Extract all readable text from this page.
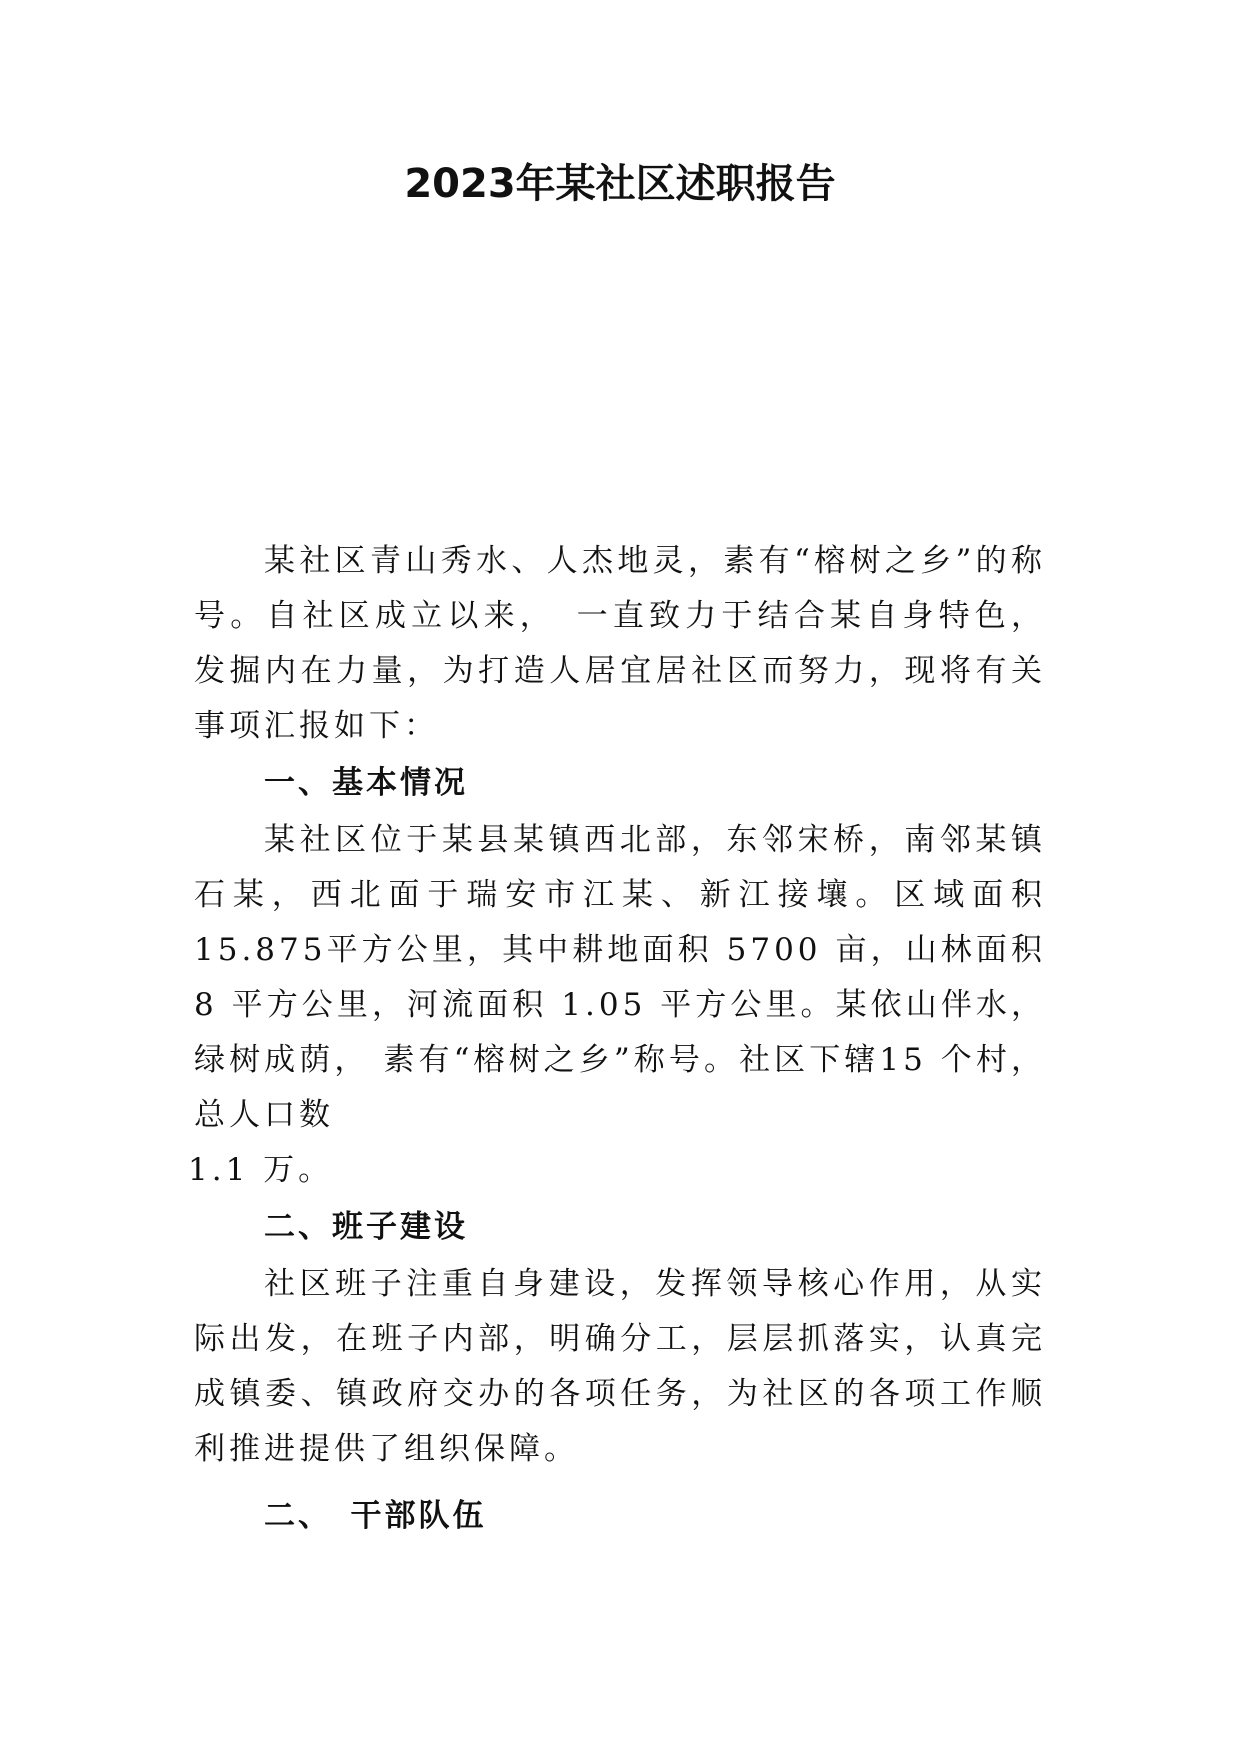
2023年某社区述职报告

某社区青山秀水、人杰地灵，素有“榕树之乡”的称号。自社区成立以来，　一直致力于结合某自身特色，发掘内在力量，为打造人居宜居社区而努力，现将有关事项汇报如下：

一、基本情况

某社区位于某县某镇西北部，东邻宋桥，南邻某镇石某，西北面于瑞安市江某、新江接壤。区域面积15.875平方公里，其中耕地面积 5700 亩，山林面积8 平方公里，河流面积 1.05 平方公里。某依山伴水，绿树成荫， 素有“榕树之乡”称号。社区下辖15 个村，总人口数

1.1 万。

二、班子建设

社区班子注重自身建设，发挥领导核心作用，从实际出发，在班子内部，明确分工，层层抓落实，认真完成镇委、镇政府交办的各项任务，为社区的各项工作顺利推进提供了组织保障。

二、　干部队伍
